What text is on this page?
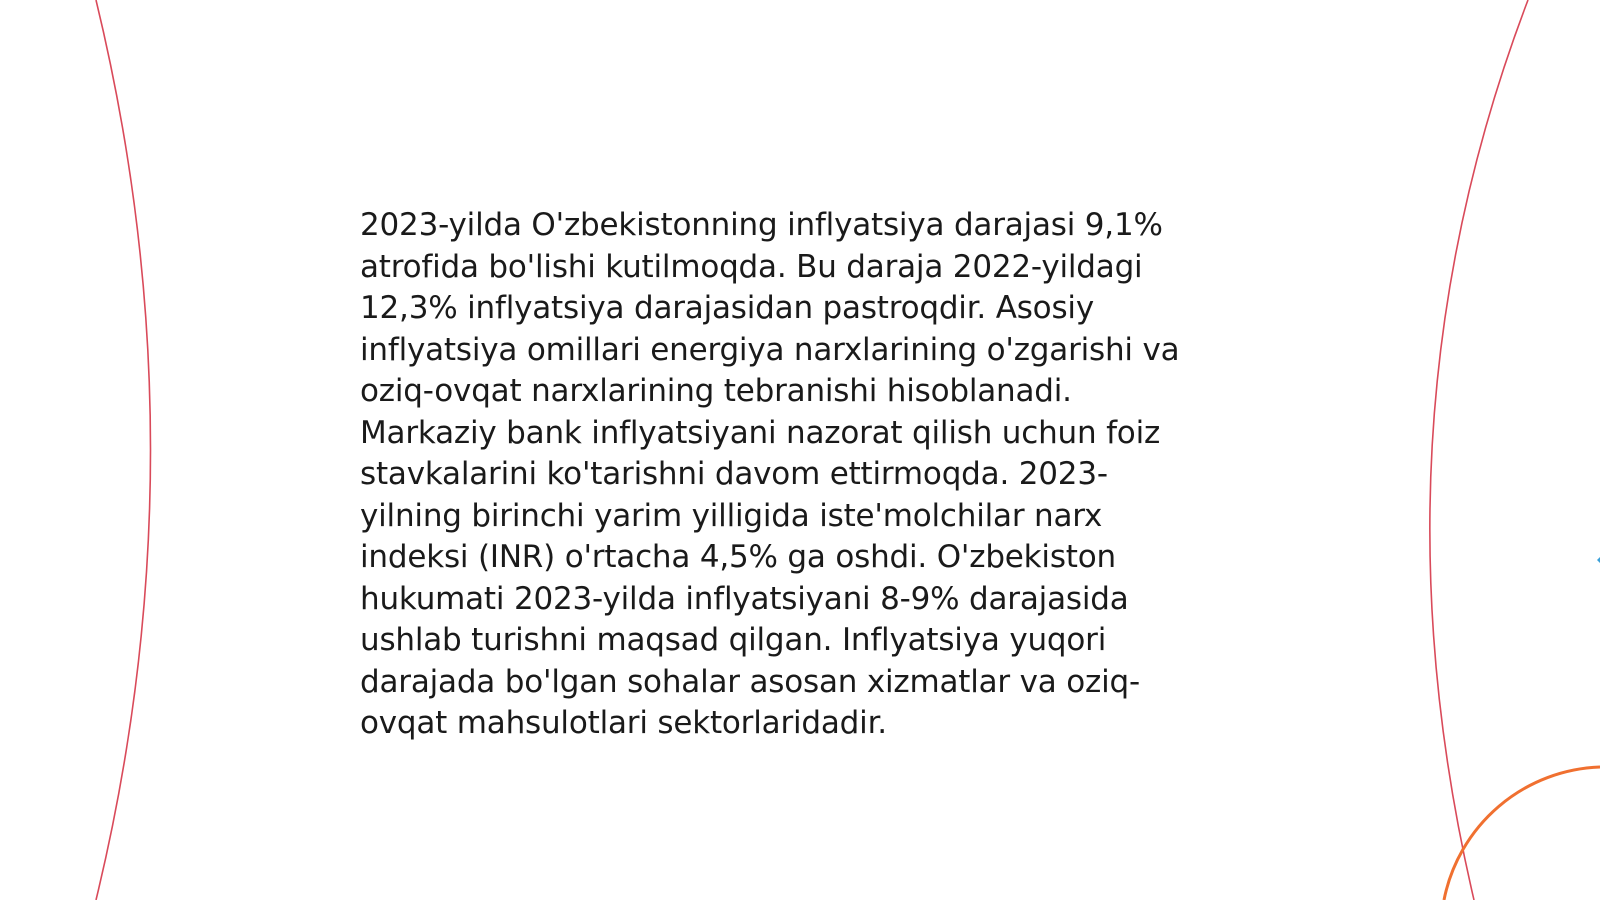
2023-yilda O'zbekistonning inflyatsiya darajasi 9,1%
atrofida bo'lishi kutilmoqda. Bu daraja 2022-yildagi
12,3% inflyatsiya darajasidan pastroqdir. Asosiy
inflyatsiya omillari energiya narxlarining o'zgarishi va
oziq-ovqat narxlarining tebranishi hisoblanadi.
Markaziy bank inflyatsiyani nazorat qilish uchun foiz
stavkalarini ko'tarishni davom ettirmoqda. 2023-
yilning birinchi yarim yilligida iste'molchilar narx
indeksi (INR) o'rtacha 4,5% ga oshdi. O'zbekiston
hukumati 2023-yilda inflyatsiyani 8-9% darajasida
ushlab turishni maqsad qilgan. Inflyatsiya yuqori
darajada bo'lgan sohalar asosan xizmatlar va oziq-
ovqat mahsulotlari sektorlaridadir.
